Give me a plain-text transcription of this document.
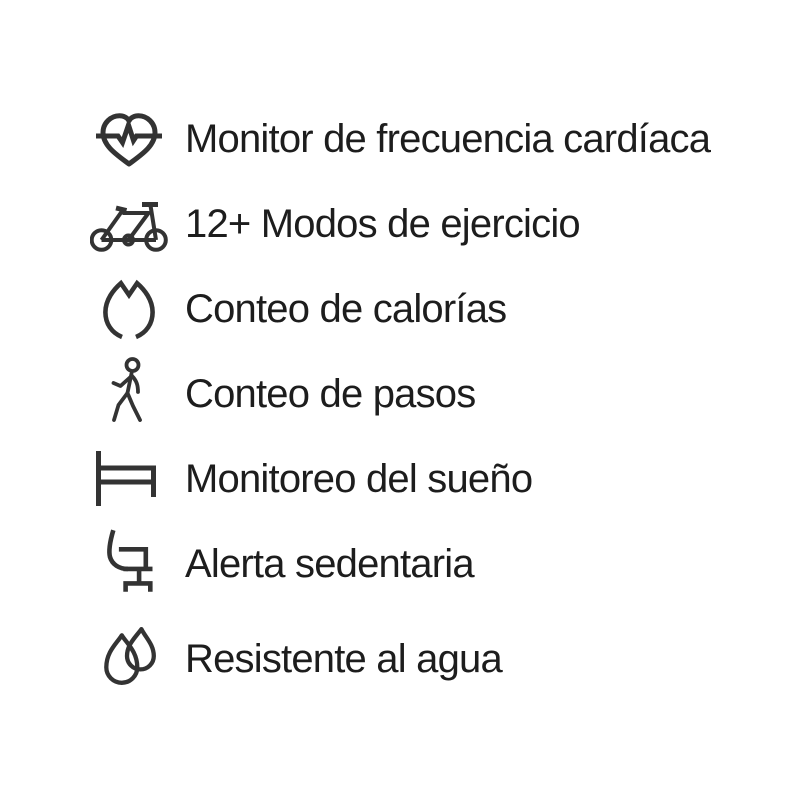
Monitor de frecuencia cardíaca
12+ Modos de ejercicio
Conteo de calorías
Conteo de pasos
Monitoreo del sueño
Alerta sedentaria
Resistente al agua
